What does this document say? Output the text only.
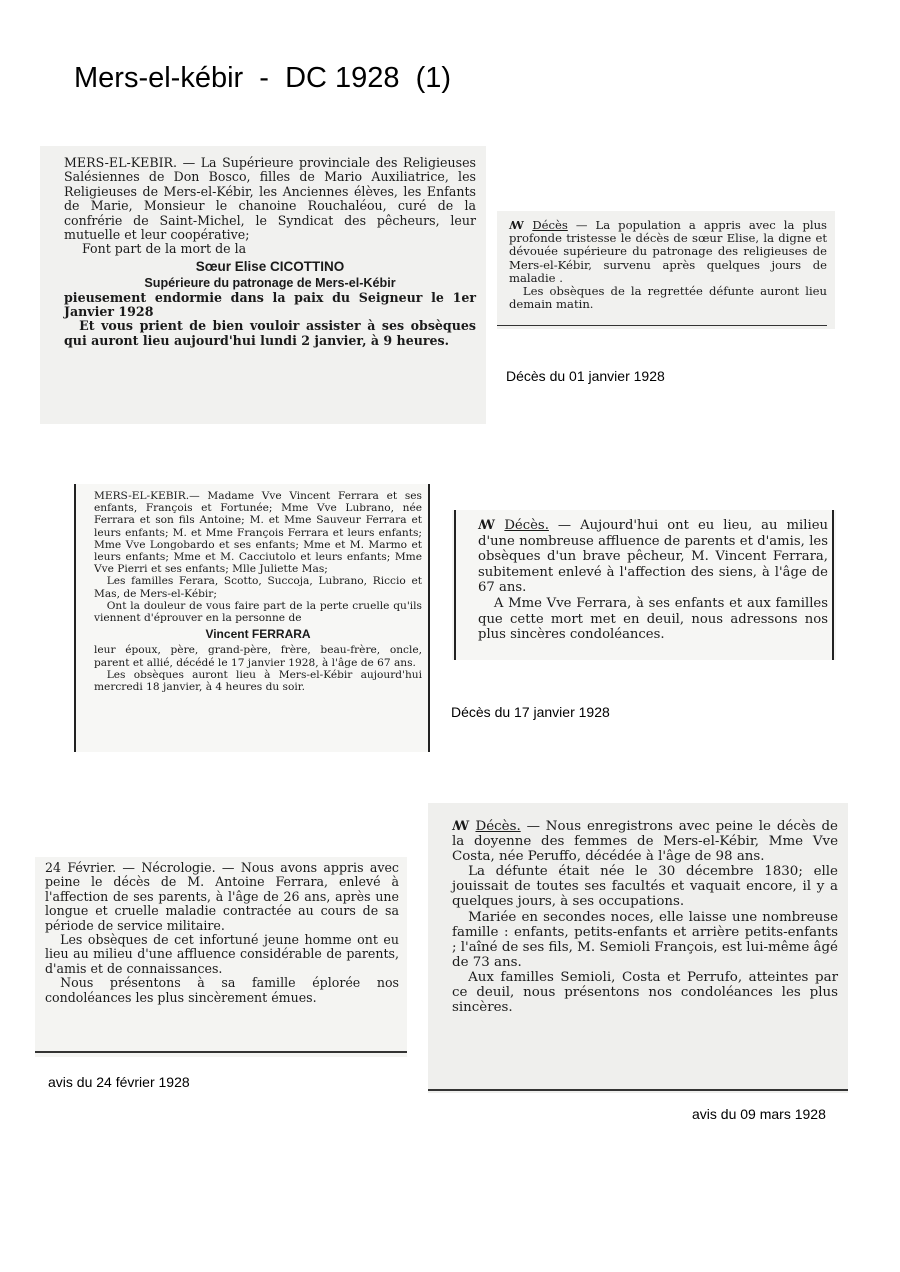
Mers-el-kébir  -  DC 1928  (1)

MERS-EL-KEBIR. — La Supérieure provinciale des Religieuses Salésiennes de Don Bosco, filles de Mario Auxiliatrice, les Religieuses de Mers-el-Kébir, les Anciennes élèves, les Enfants de Marie, Monsieur le chanoine Rouchaléou, curé de la confrérie de Saint-Michel, le Syndicat des pêcheurs, leur mutuelle et leur coopérative;

Font part de la mort de la

Sœur Elise CICOTTINO

Supérieure du patronage de Mers-el-Kébir

pieusement endormie dans la paix du Seigneur le 1er Janvier 1928

Et vous prient de bien vouloir assister à ses obsèques qui auront lieu aujourd'hui lundi 2 janvier, à 9 heures.

ꟿ Décès — La population a appris avec la plus profonde tristesse le décès de sœur Elise, la digne et dévouée supérieure du patronage des religieuses de Mers-el-Kébir, survenu après quelques jours de maladie .

Les obsèques de la regrettée défunte auront lieu demain matin.

Décès du 01 janvier 1928

MERS-EL-KEBIR.— Madame Vve Vincent Ferrara et ses enfants, François et Fortunée; Mme Vve Lubrano, née Ferrara et son fils Antoine; M. et Mme Sauveur Ferrara et leurs enfants; M. et Mme François Ferrara et leurs enfants; Mme Vve Longobardo et ses enfants; Mme et M. Marmo et leurs enfants; Mme et M. Cacciutolo et leurs enfants; Mme Vve Pierri et ses enfants; Mlle Juliette Mas;

Les familles Ferara, Scotto, Succoja, Lubrano, Riccio et Mas, de Mers-el-Kébir;

Ont la douleur de vous faire part de la perte cruelle qu'ils viennent d'éprouver en la personne de

Vincent FERRARA

leur époux, père, grand-père, frère, beau-frère, oncle, parent et allié, décédé le 17 janvier 1928, à l'âge de 67 ans.

Les obsèques auront lieu à Mers-el-Kébir aujourd'hui mercredi 18 janvier, à 4 heures du soir.

ꟿ Décès. — Aujourd'hui ont eu lieu, au milieu d'une nombreuse affluence de parents et d'amis, les obsèques d'un brave pêcheur, M. Vincent Ferrara, subitement enlevé à l'affection des siens, à l'âge de 67 ans.

A Mme Vve Ferrara, à ses enfants et aux familles que cette mort met en deuil, nous adressons nos plus sincères condoléances.

Décès du 17 janvier 1928

24 Février. — Nécrologie. — Nous avons appris avec peine le décès de M. Antoine Ferrara, enlevé à l'affection de ses parents, à l'âge de 26 ans, après une longue et cruelle maladie contractée au cours de sa période de service militaire.

Les obsèques de cet infortuné jeune homme ont eu lieu au milieu d'une affluence considérable de parents, d'amis et de connaissances.

Nous présentons à sa famille éplorée nos condoléances les plus sincèrement émues.

avis du 24 février 1928

ꟿ Décès. — Nous enregistrons avec peine le décès de la doyenne des femmes de Mers-el-Kébir, Mme Vve Costa, née Peruffo, décédée à l'âge de 98 ans.

La défunte était née le 30 décembre 1830; elle jouissait de toutes ses facultés et vaquait encore, il y a quelques jours, à ses occupations.

Mariée en secondes noces, elle laisse une nombreuse famille : enfants, petits-enfants et arrière petits-enfants ; l'aîné de ses fils, M. Semioli François, est lui-même âgé de 73 ans.

Aux familles Semioli, Costa et Perrufo, atteintes par ce deuil, nous présentons nos condoléances les plus sincères.

avis du 09 mars 1928
